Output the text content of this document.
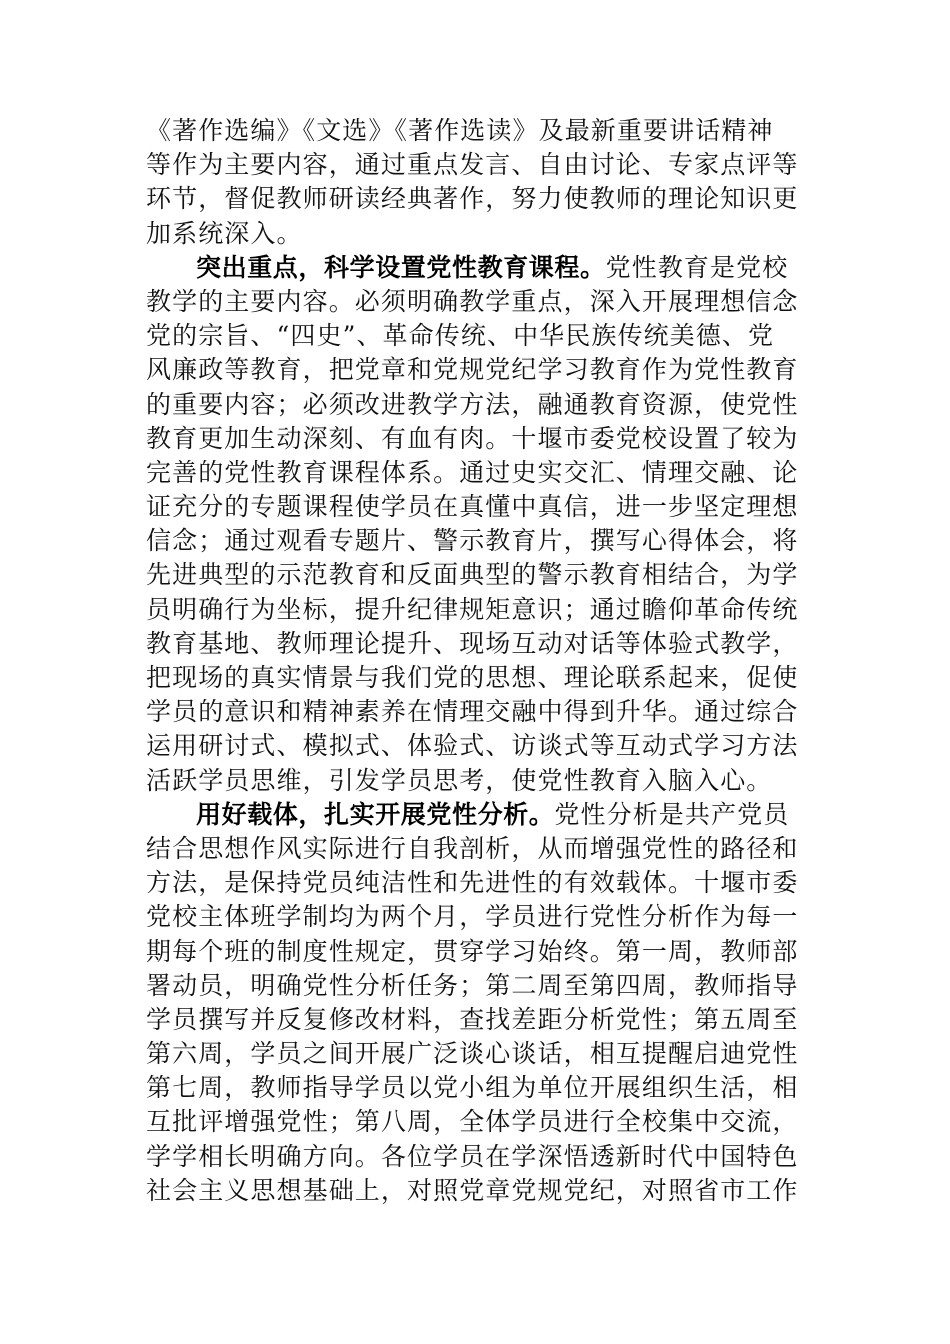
《著作选编》《文选》《著作选读》及最新重要讲话精神
等作为主要内容，通过重点发言、自由讨论、专家点评等
环节，督促教师研读经典著作，努力使教师的理论知识更
加系统深入。
突出重点，科学设置党性教育课程。党性教育是党校
教学的主要内容。必须明确教学重点，深入开展理想信念
党的宗旨、“四史”、革命传统、中华民族传统美德、党
风廉政等教育，把党章和党规党纪学习教育作为党性教育
的重要内容；必须改进教学方法，融通教育资源，使党性
教育更加生动深刻、有血有肉。十堰市委党校设置了较为
完善的党性教育课程体系。通过史实交汇、情理交融、论
证充分的专题课程使学员在真懂中真信，进一步坚定理想
信念；通过观看专题片、警示教育片，撰写心得体会，将
先进典型的示范教育和反面典型的警示教育相结合，为学
员明确行为坐标，提升纪律规矩意识；通过瞻仰革命传统
教育基地、教师理论提升、现场互动对话等体验式教学，
把现场的真实情景与我们党的思想、理论联系起来，促使
学员的意识和精神素养在情理交融中得到升华。通过综合
运用研讨式、模拟式、体验式、访谈式等互动式学习方法
活跃学员思维，引发学员思考，使党性教育入脑入心。
用好载体，扎实开展党性分析。党性分析是共产党员
结合思想作风实际进行自我剖析，从而增强党性的路径和
方法，是保持党员纯洁性和先进性的有效载体。十堰市委
党校主体班学制均为两个月，学员进行党性分析作为每一
期每个班的制度性规定，贯穿学习始终。第一周，教师部
署动员，明确党性分析任务；第二周至第四周，教师指导
学员撰写并反复修改材料，查找差距分析党性；第五周至
第六周，学员之间开展广泛谈心谈话，相互提醒启迪党性
第七周，教师指导学员以党小组为单位开展组织生活，相
互批评增强党性；第八周，全体学员进行全校集中交流，
学学相长明确方向。各位学员在学深悟透新时代中国特色
社会主义思想基础上，对照党章党规党纪，对照省市工作
